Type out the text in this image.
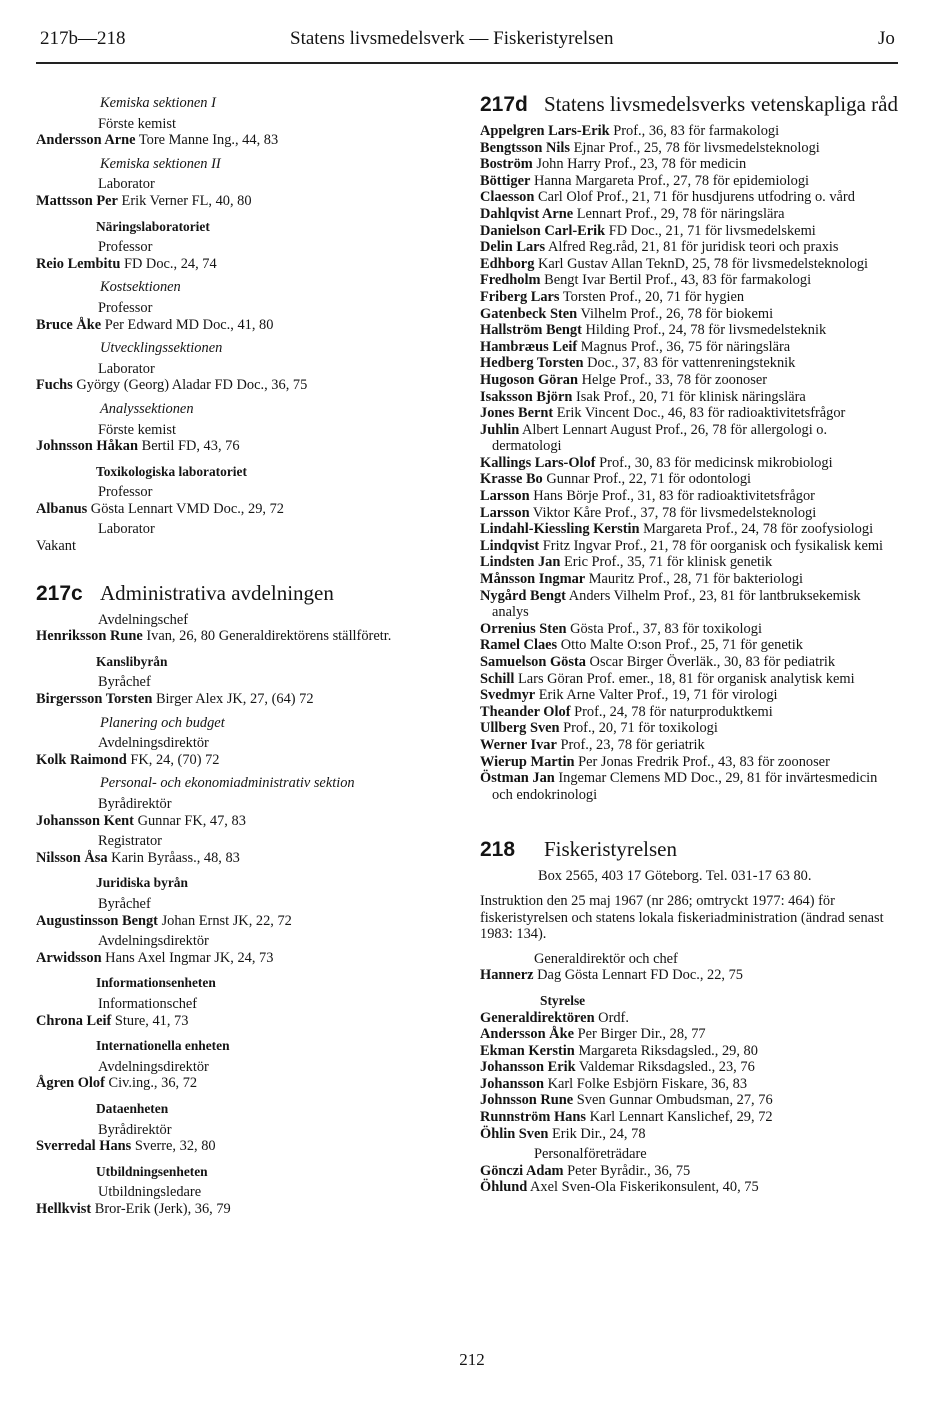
217b—218	Statens livsmedelsverk — Fiskeristyrelsen	Jo
Kemiska sektionen I
Förste kemist
Andersson Arne Tore Manne Ing., 44, 83
Kemiska sektionen II
Laborator
Mattsson Per Erik Verner FL, 40, 80
Näringslaboratoriet
Professor
Reio Lembitu FD Doc., 24, 74
Kostsektionen
Professor
Bruce Åke Per Edward MD Doc., 41, 80
Utvecklingssektionen
Laborator
Fuchs György (Georg) Aladar FD Doc., 36, 75
Analyssektionen
Förste kemist
Johnsson Håkan Bertil FD, 43, 76
Toxikologiska laboratoriet
Professor
Albanus Gösta Lennart VMD Doc., 29, 72
Laborator
Vakant
217c Administrativa avdelningen
Avdelningschef
Henriksson Rune Ivan, 26, 80 Generaldirektörens ställföretr.
Kanslibyrån
Byråchef
Birgersson Torsten Birger Alex JK, 27, (64) 72
Planering och budget
Avdelningsdirektör
Kolk Raimond FK, 24, (70) 72
Personal- och ekonomiadministrativ sektion
Byrådirektör
Johansson Kent Gunnar FK, 47, 83
Registrator
Nilsson Åsa Karin Byråass., 48, 83
Juridiska byrån
Byråchef
Augustinsson Bengt Johan Ernst JK, 22, 72
Avdelningsdirektör
Arwidsson Hans Axel Ingmar JK, 24, 73
Informationsenheten
Informationschef
Chrona Leif Sture, 41, 73
Internationella enheten
Avdelningsdirektör
Ågren Olof Civ.ing., 36, 72
Dataenheten
Byrådirektör
Sverredal Hans Sverre, 32, 80
Utbildningsenheten
Utbildningsledare
Hellkvist Bror-Erik (Jerk), 36, 79
217d Statens livsmedelsverks vetenskapliga råd
Appelgren Lars-Erik Prof., 36, 83 för farmakologi
Bengtsson Nils Ejnar Prof., 25, 78 för livsmedelsteknologi
Boström John Harry Prof., 23, 78 för medicin
Böttiger Hanna Margareta Prof., 27, 78 för epidemiologi
Claesson Carl Olof Prof., 21, 71 för husdjurens utfodring o. vård
Dahlqvist Arne Lennart Prof., 29, 78 för näringslära
Danielson Carl-Erik FD Doc., 21, 71 för livsmedelskemi
Delin Lars Alfred Reg.råd, 21, 81 för juridisk teori och praxis
Edhborg Karl Gustav Allan TeknD, 25, 78 för livsmedelsteknologi
Fredholm Bengt Ivar Bertil Prof., 43, 83 för farmakologi
Friberg Lars Torsten Prof., 20, 71 för hygien
Gatenbeck Sten Vilhelm Prof., 26, 78 för biokemi
Hallström Bengt Hilding Prof., 24, 78 för livsmedelsteknik
Hambræus Leif Magnus Prof., 36, 75 för näringslära
Hedberg Torsten Doc., 37, 83 för vattenreningsteknik
Hugoson Göran Helge Prof., 33, 78 för zoonoser
Isaksson Björn Isak Prof., 20, 71 för klinisk näringslära
Jones Bernt Erik Vincent Doc., 46, 83 för radioaktivitetsfrågor
Juhlin Albert Lennart August Prof., 26, 78 för allergologi o. dermatologi
Kallings Lars-Olof Prof., 30, 83 för medicinsk mikrobiologi
Krasse Bo Gunnar Prof., 22, 71 för odontologi
Larsson Hans Börje Prof., 31, 83 för radioaktivitetsfrågor
Larsson Viktor Kåre Prof., 37, 78 för livsmedelsteknologi
Lindahl-Kiessling Kerstin Margareta Prof., 24, 78 för zoofysiologi
Lindqvist Fritz Ingvar Prof., 21, 78 för oorganisk och fysikalisk kemi
Lindsten Jan Eric Prof., 35, 71 för klinisk genetik
Månsson Ingmar Mauritz Prof., 28, 71 för bakteriologi
Nygård Bengt Anders Vilhelm Prof., 23, 81 för lantbruksekemisk analys
Orrenius Sten Gösta Prof., 37, 83 för toxikologi
Ramel Claes Otto Malte O:son Prof., 25, 71 för genetik
Samuelson Gösta Oscar Birger Överläk., 30, 83 för pediatrik
Schill Lars Göran Prof. emer., 18, 81 för organisk analytisk kemi
Svedmyr Erik Arne Valter Prof., 19, 71 för virologi
Theander Olof Prof., 24, 78 för naturproduktkemi
Ullberg Sven Prof., 20, 71 för toxikologi
Werner Ivar Prof., 23, 78 för geriatrik
Wierup Martin Per Jonas Fredrik Prof., 43, 83 för zoonoser
Östman Jan Ingemar Clemens MD Doc., 29, 81 för invärtesmedicin och endokrinologi
218	Fiskeristyrelsen
Box 2565, 403 17 Göteborg. Tel. 031-17 63 80.
Instruktion den 25 maj 1967 (nr 286; omtryckt 1977: 464) för fiskeristyrelsen och statens lokala fiskeriadministration (ändrad senast 1983: 134).
Generaldirektör och chef
Hannerz Dag Gösta Lennart FD Doc., 22, 75
Styrelse
Generaldirektören Ordf.
Andersson Åke Per Birger Dir., 28, 77
Ekman Kerstin Margareta Riksdagsled., 29, 80
Johansson Erik Valdemar Riksdagsled., 23, 76
Johansson Karl Folke Esbjörn Fiskare, 36, 83
Johnsson Rune Sven Gunnar Ombudsman, 27, 76
Runnström Hans Karl Lennart Kanslichef, 29, 72
Öhlin Sven Erik Dir., 24, 78
Personalföreträdare
Gönczi Adam Peter Byrådir., 36, 75
Öhlund Axel Sven-Ola Fiskerikonsulent, 40, 75
212
